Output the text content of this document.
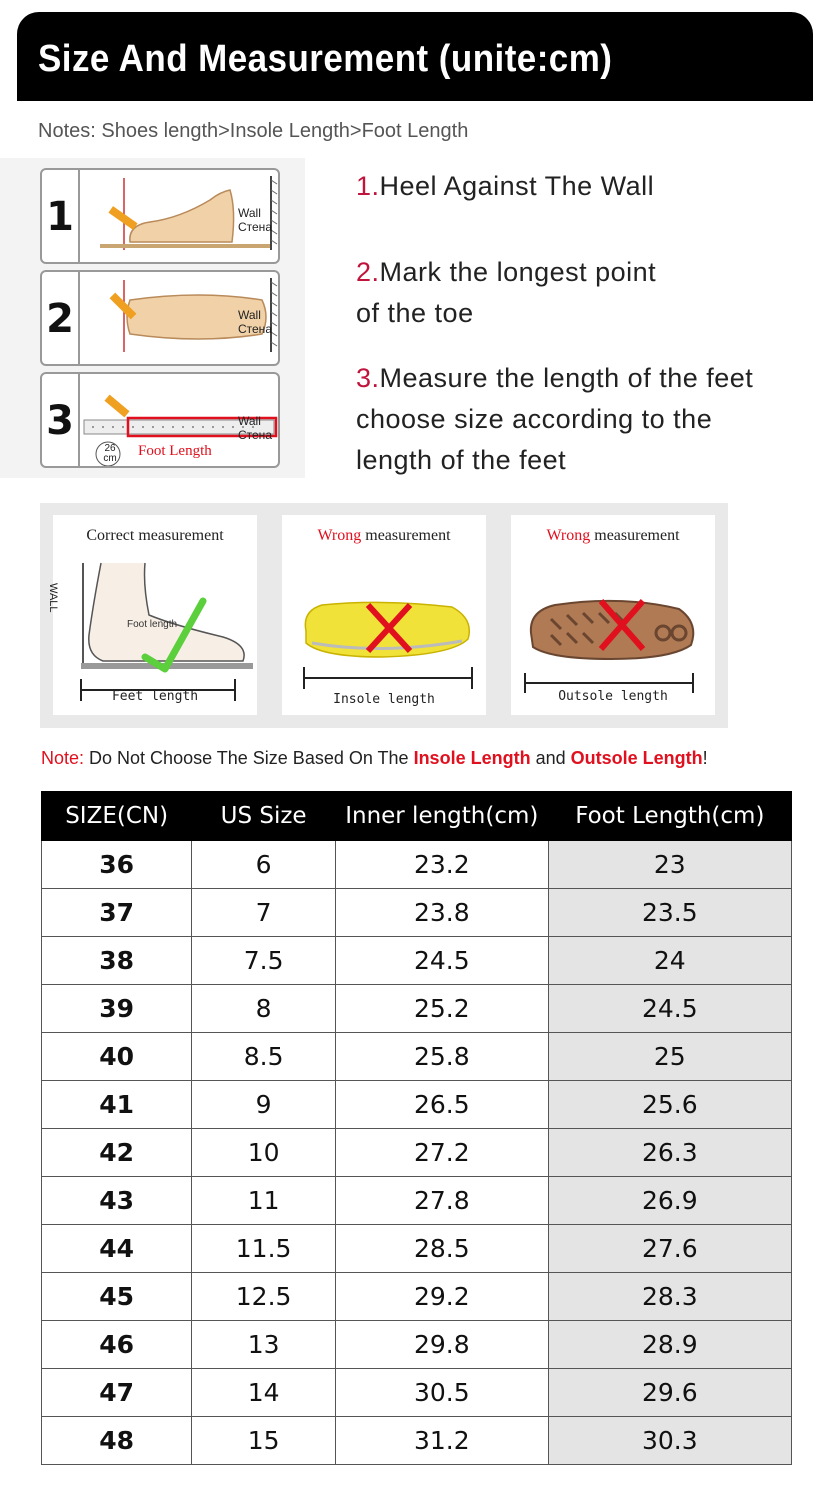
Size And Measurement (unite:cm)
Notes: Shoes length>Insole Length>Foot Length
1	Wall
Стена
2	Wall
Стена
3
26
cm Foot Length
Wall
Стена
1.Heel Against The Wall
2.Mark the longest point
of the toe
3.Measure the length of the feet
choose size according to the
length of the feet
Correct measurement
WALL
Foot length
Feet length
Wrong measurement
Insole length
Wrong measurement
Outsole length
Note: Do Not Choose The Size Based On The Insole Length and Outsole Length!
SIZE(CN)	US Size	Inner length(cm)	Foot Length(cm)
36	6	23.2	23
37	7	23.8	23.5
38	7.5	24.5	24
39	8	25.2	24.5
40	8.5	25.8	25
41	9	26.5	25.6
42	10	27.2	26.3
43	11	27.8	26.9
44	11.5	28.5	27.6
45	12.5	29.2	28.3
46	13	29.8	28.9
47	14	30.5	29.6
48	15	31.2	30.3
